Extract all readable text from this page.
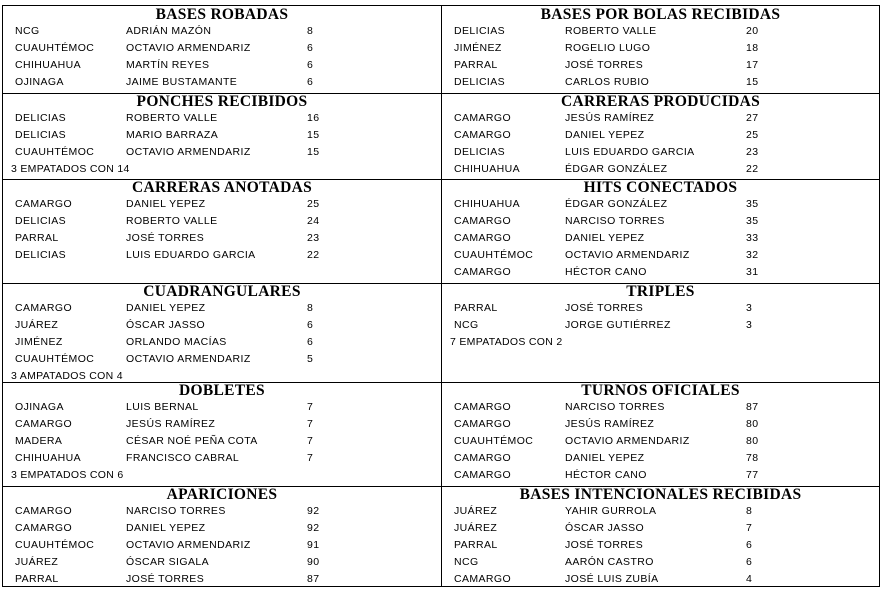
BASES ROBADAS
NCG	ADRIÁN MAZÓN	8
CUAUHTÉMOC	OCTAVIO ARMENDARIZ	6
CHIHUAHUA	MARTÍN REYES	6
OJINAGA	JAIME BUSTAMANTE	6
BASES POR BOLAS RECIBIDAS
DELICIAS	ROBERTO VALLE	20
JIMÉNEZ	ROGELIO LUGO	18
PARRAL	JOSÉ TORRES	17
DELICIAS	CARLOS RUBIO	15
PONCHES RECIBIDOS
DELICIAS	ROBERTO VALLE	16
DELICIAS	MARIO BARRAZA	15
CUAUHTÉMOC	OCTAVIO ARMENDARIZ	15
3 EMPATADOS CON 14
CARRERAS PRODUCIDAS
CAMARGO	JESÚS RAMÍREZ	27
CAMARGO	DANIEL YEPEZ	25
DELICIAS	LUIS EDUARDO GARCIA	23
CHIHUAHUA	ÉDGAR GONZÁLEZ	22
CARRERAS ANOTADAS
CAMARGO	DANIEL YEPEZ	25
DELICIAS	ROBERTO VALLE	24
PARRAL	JOSÉ TORRES	23
DELICIAS	LUIS EDUARDO GARCIA	22
HITS CONECTADOS
CHIHUAHUA	ÉDGAR GONZÁLEZ	35
CAMARGO	NARCISO TORRES	35
CAMARGO	DANIEL YEPEZ	33
CUAUHTÉMOC	OCTAVIO ARMENDARIZ	32
CAMARGO	HÉCTOR CANO	31
CUADRANGULARES
CAMARGO	DANIEL YEPEZ	8
JUÁREZ	ÓSCAR JASSO	6
JIMÉNEZ	ORLANDO MACÍAS	6
CUAUHTÉMOC	OCTAVIO ARMENDARIZ	5
3 AMPATADOS CON 4
TRIPLES
PARRAL	JOSÉ TORRES	3
NCG	JORGE GUTIÉRREZ	3
7 EMPATADOS CON 2
DOBLETES
OJINAGA	LUIS BERNAL	7
CAMARGO	JESÚS RAMÍREZ	7
MADERA	CÉSAR NOÉ PEÑA COTA	7
CHIHUAHUA	FRANCISCO CABRAL	7
3 EMPATADOS CON 6
TURNOS OFICIALES
CAMARGO	NARCISO TORRES	87
CAMARGO	JESÚS RAMÍREZ	80
CUAUHTÉMOC	OCTAVIO ARMENDARIZ	80
CAMARGO	DANIEL YEPEZ	78
CAMARGO	HÉCTOR CANO	77
APARICIONES
CAMARGO	NARCISO TORRES	92
CAMARGO	DANIEL YEPEZ	92
CUAUHTÉMOC	OCTAVIO ARMENDARIZ	91
JUÁREZ	ÓSCAR SIGALA	90
PARRAL	JOSÉ TORRES	87
BASES INTENCIONALES RECIBIDAS
JUÁREZ	YAHIR GURROLA	8
JUÁREZ	ÓSCAR JASSO	7
PARRAL	JOSÉ TORRES	6
NCG	AARÓN CASTRO	6
CAMARGO	JOSÉ LUIS ZUBÍA	4
